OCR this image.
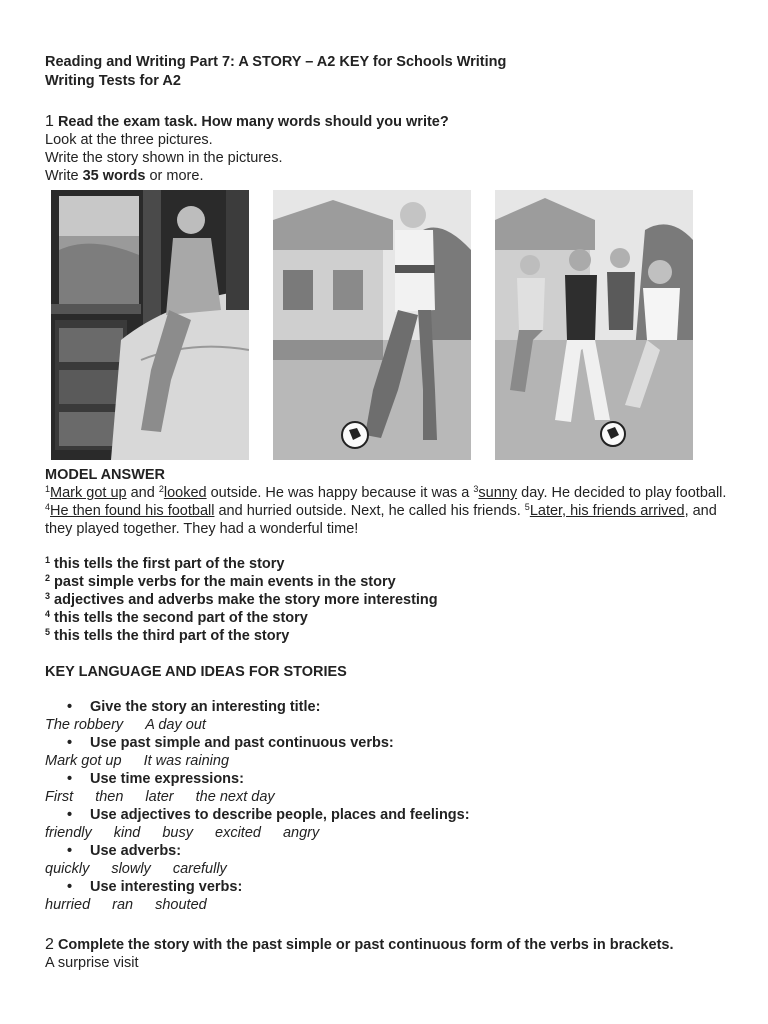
Reading and Writing Part 7: A STORY – A2 KEY for Schools Writing
Writing Tests for A2
1 Read the exam task. How many words should you write?
Look at the three pictures.
Write the story shown in the pictures.
Write 35 words or more.
MODEL ANSWER
$^1$Mark got up and $^2$looked outside. He was happy because it was a $^3$sunny day. He decided to play football. $^4$He then found his football and hurried outside. Next, he called his friends. $^5$Later, his friends arrived, and they played together. They had a wonderful time!
$^1$ this tells the first part of the story
$^2$ past simple verbs for the main events in the story
$^3$ adjectives and adverbs make the story more interesting
$^4$ this tells the second part of the story
$^5$ this tells the third part of the story
KEY LANGUAGE AND IDEAS FOR STORIES
• Give the story an interesting title:
The robbery A day out
• Use past simple and past continuous verbs:
Mark got up It was raining
• Use time expressions:
First then later the next day
• Use adjectives to describe people, places and feelings:
friendly kind busy excited angry
• Use adverbs:
quickly slowly carefully
• Use interesting verbs:
hurried ran shouted
2 Complete the story with the past simple or past continuous form of the verbs in brackets.
A surprise visit
